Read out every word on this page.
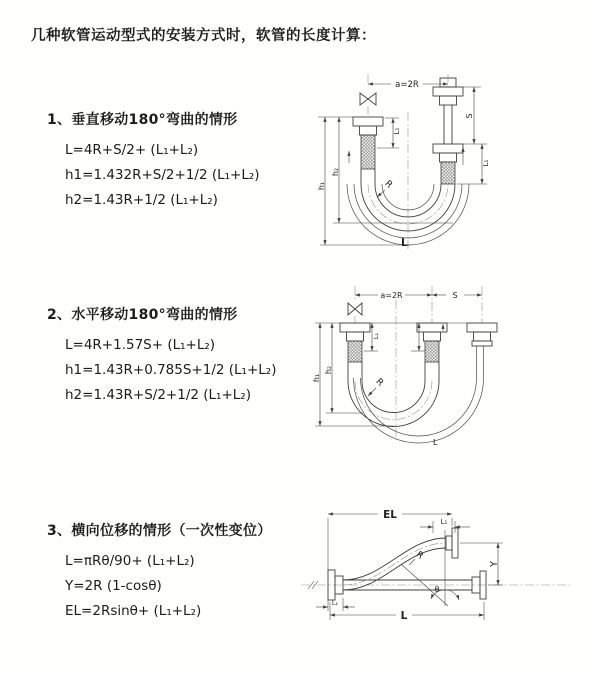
几种软管运动型式的安装方式时，软管的长度计算：
1、垂直移动180°弯曲的情形
L=4R+S/2+ (L₁+L₂)
h1=1.432R+S/2+1/2 (L₁+L₂)
h2=1.43R+1/2 (L₁+L₂)
2、水平移动180°弯曲的情形
L=4R+1.57S+ (L₁+L₂)
h1=1.43R+0.785S+1/2 (L₁+L₂)
h2=1.43R+S/2+1/2 (L₁+L₂)
3、横向位移的情形（一次性变位）
L=πRθ/90+ (L₁+L₂)
Y=2R (1-cosθ)
EL=2Rsinθ+ (L₁+L₂)
a=2R
h₁
h₂
L₁
S
L₁
R
L
a=2R	S
h₁
h₂
L₁
R
L
EL
L₁
Y
θ
R
L
L₁
